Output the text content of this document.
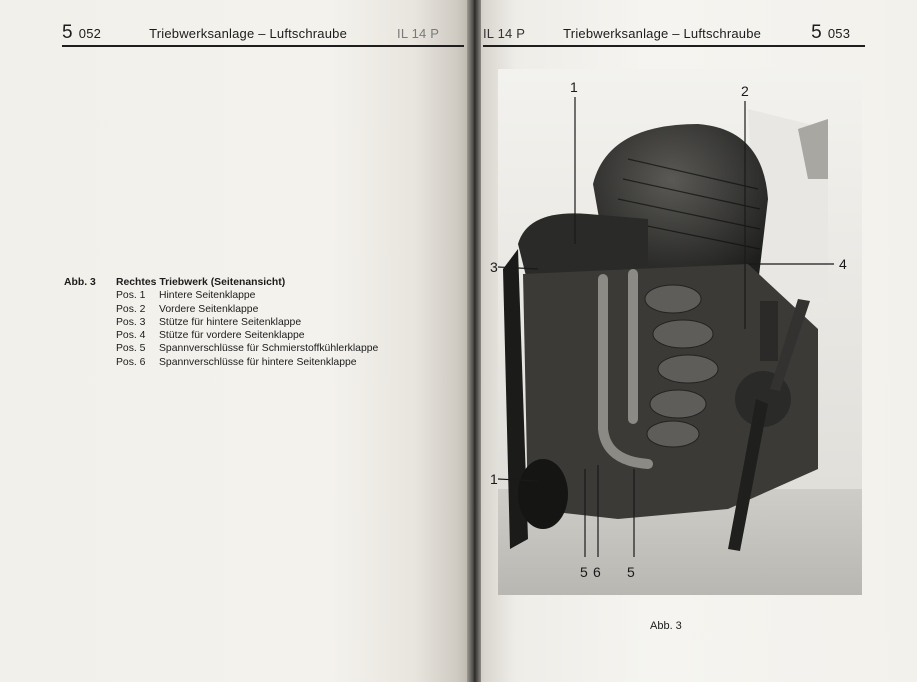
5 052	Triebwerksanlage – Luftschraube	IL 14 P
Abb. 3	Rechtes Triebwerk (Seitenansicht)
Pos. 1	Hintere Seitenklappe
Pos. 2	Vordere Seitenklappe
Pos. 3	Stütze für hintere Seitenklappe
Pos. 4	Stütze für vordere Seitenklappe
Pos. 5	Spannverschlüsse für Schmierstoffkühlerklappe
Pos. 6	Spannverschlüsse für hintere Seitenklappe
IL 14 P	Triebwerksanlage – Luftschraube	5 053
1	2
3	4
1
5 6 5
Abb. 3
